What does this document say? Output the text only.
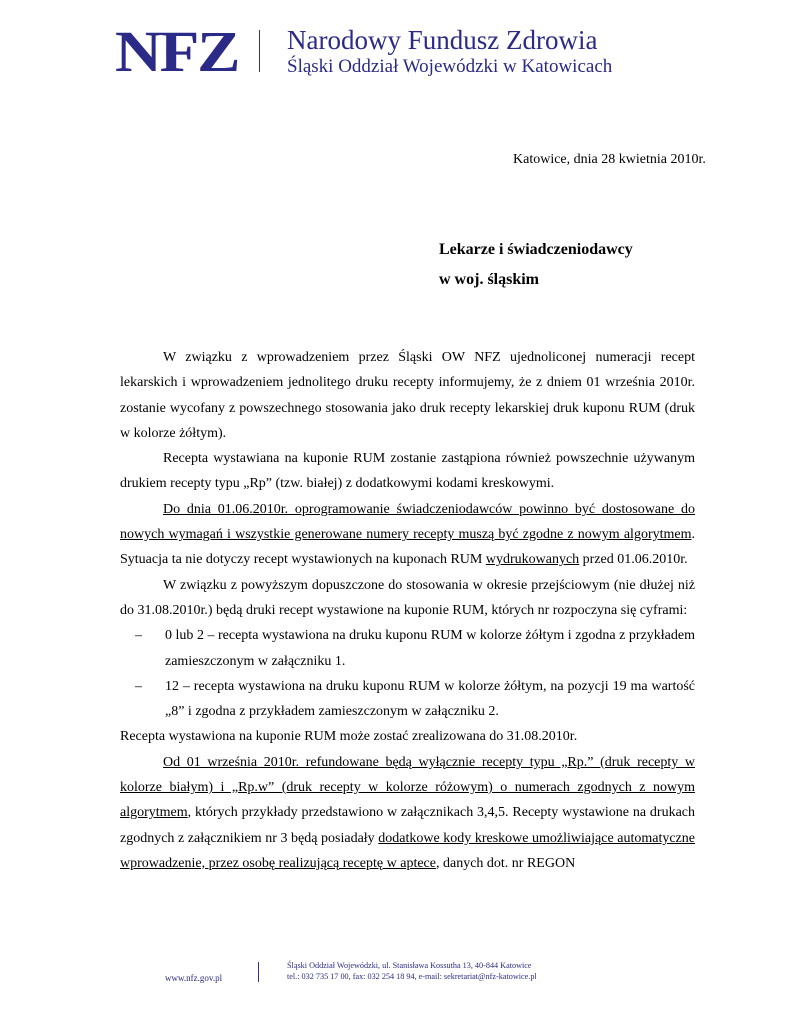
NFZ Narodowy Fundusz Zdrowia
Śląski Oddział Wojewódzki w Katowicach
Katowice, dnia 28 kwietnia 2010r.
Lekarze i świadczeniodawcy
w woj. śląskim

W związku z wprowadzeniem przez Śląski OW NFZ ujednoliconej numeracji recept lekarskich i wprowadzeniem jednolitego druku recepty informujemy, że z dniem 01 września 2010r. zostanie wycofany z powszechnego stosowania jako druk recepty lekarskiej druk kuponu RUM (druk w kolorze żółtym).

Recepta wystawiana na kuponie RUM zostanie zastąpiona również powszechnie używanym drukiem recepty typu „Rp” (tzw. białej) z dodatkowymi kodami kreskowymi.

Do dnia 01.06.2010r. oprogramowanie świadczeniodawców powinno być dostosowane do nowych wymagań i wszystkie generowane numery recepty muszą być zgodne z nowym algorytmem. Sytuacja ta nie dotyczy recept wystawionych na kuponach RUM wydrukowanych przed 01.06.2010r.

W związku z powyższym dopuszczone do stosowania w okresie przejściowym (nie dłużej niż do 31.08.2010r.) będą druki recept wystawione na kuponie RUM, których nr rozpoczyna się cyframi:

– 0 lub 2 – recepta wystawiona na druku kuponu RUM w kolorze żółtym i zgodna z przykładem zamieszczonym w załączniku 1.

– 12 – recepta wystawiona na druku kuponu RUM w kolorze żółtym, na pozycji 19 ma wartość „8” i zgodna z przykładem zamieszczonym w załączniku 2.

Recepta wystawiona na kuponie RUM może zostać zrealizowana do 31.08.2010r.

Od 01 września 2010r. refundowane będą wyłącznie recepty typu „Rp.” (druk recepty w kolorze białym) i „Rp.w” (druk recepty w kolorze różowym) o numerach zgodnych z nowym algorytmem, których przykłady przedstawiono w załącznikach 3,4,5. Recepty wystawione na drukach zgodnych z załącznikiem nr 3 będą posiadały dodatkowe kody kreskowe umożliwiające automatyczne wprowadzenie, przez osobę realizującą receptę w aptece, danych dot. nr REGON

www.nfz.gov.pl
Śląski Oddział Wojewódzki, ul. Stanisława Kossutha 13, 40-844 Katowice
tel.: 032 735 17 00, fax: 032 254 18 94, e-mail: sekretariat@nfz-katowice.pl
